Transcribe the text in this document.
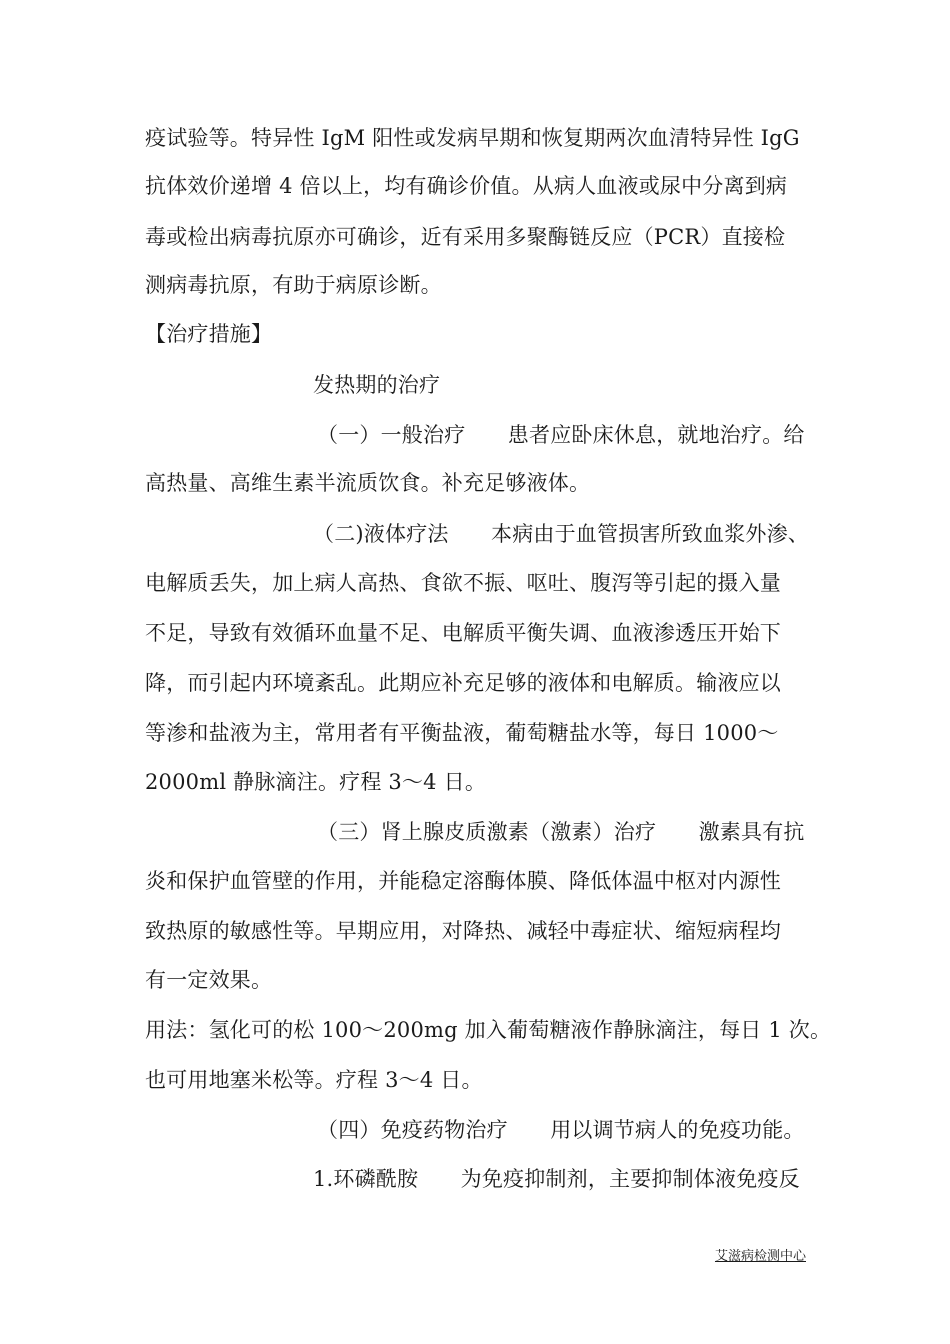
疫试验等。特异性 IgM 阳性或发病早期和恢复期两次血清特异性 IgG
抗体效价递增 4 倍以上，均有确诊价值。从病人血液或尿中分离到病
毒或检出病毒抗原亦可确诊，近有采用多聚酶链反应（PCR）直接检
测病毒抗原，有助于病原诊断。
【治疗措施】
发热期的治疗
（一）一般治疗　　患者应卧床休息，就地治疗。给
高热量、高维生素半流质饮食。补充足够液体。
（二)液体疗法　　本病由于血管损害所致血浆外渗、
电解质丢失，加上病人高热、食欲不振、呕吐、腹泻等引起的摄入量
不足，导致有效循环血量不足、电解质平衡失调、血液渗透压开始下
降，而引起内环境紊乱。此期应补充足够的液体和电解质。输液应以
等渗和盐液为主，常用者有平衡盐液，葡萄糖盐水等，每日 1000～
2000ml 静脉滴注。疗程 3～4 日。
（三）肾上腺皮质激素（激素）治疗　　激素具有抗
炎和保护血管壁的作用，并能稳定溶酶体膜、降低体温中枢对内源性
致热原的敏感性等。早期应用，对降热、减轻中毒症状、缩短病程均
有一定效果。
用法：氢化可的松 100～200mg 加入葡萄糖液作静脉滴注，每日 1 次。
也可用地塞米松等。疗程 3～4 日。
（四）免疫药物治疗　　用以调节病人的免疫功能。
1.环磷酰胺　　为免疫抑制剂，主要抑制体液免疫反
艾滋病检测中心
